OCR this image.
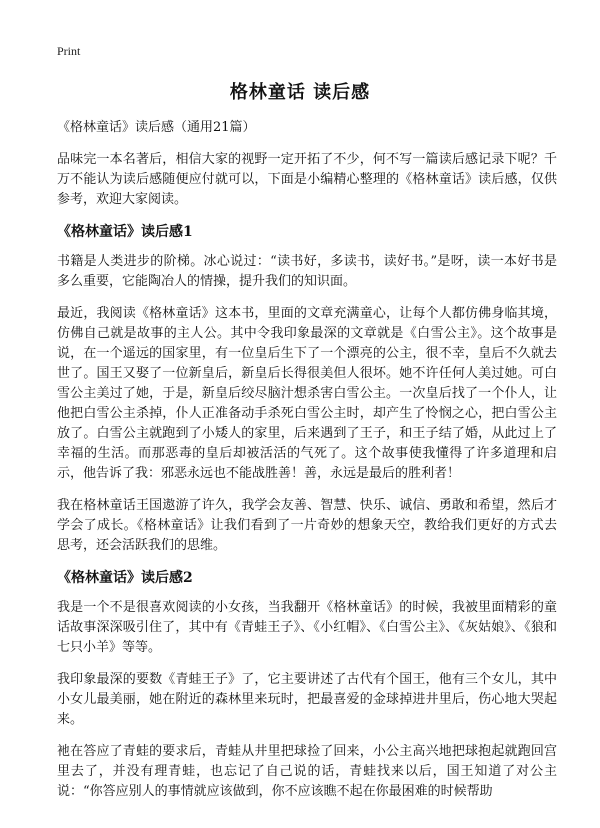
Print
格林童话 读后感
《格林童话》读后感（通用21篇）

品味完一本名著后，相信大家的视野一定开拓了不少，何不写一篇读后感记录下呢？千万不能认为读后感随便应付就可以，下面是小编精心整理的《格林童话》读后感，仅供参考，欢迎大家阅读。

《格林童话》读后感1

书籍是人类进步的阶梯。冰心说过：“读书好，多读书，读好书。”是呀，读一本好书是多么重要，它能陶冶人的情操，提升我们的知识面。

最近，我阅读《格林童话》这本书，里面的文章充满童心，让每个人都仿佛身临其境，仿佛自己就是故事的主人公。其中令我印象最深的文章就是《白雪公主》。这个故事是说，在一个遥远的国家里，有一位皇后生下了一个漂亮的公主，很不幸，皇后不久就去世了。国王又娶了一位新皇后，新皇后长得很美但人很坏。她不许任何人美过她。可白雪公主美过了她，于是，新皇后绞尽脑汁想杀害白雪公主。一次皇后找了一个仆人，让他把白雪公主杀掉，仆人正准备动手杀死白雪公主时，却产生了怜悯之心，把白雪公主放了。白雪公主就跑到了小矮人的家里，后来遇到了王子，和王子结了婚，从此过上了幸福的生活。而那恶毒的皇后却被活活的气死了。这个故事使我懂得了许多道理和启示，他告诉了我：邪恶永远也不能战胜善！善，永远是最后的胜利者！

我在格林童话王国遨游了许久，我学会友善、智慧、快乐、诚信、勇敢和希望，然后才学会了成长。《格林童话》让我们看到了一片奇妙的想象天空，教给我们更好的方式去思考，还会活跃我们的思维。

《格林童话》读后感2

我是一个不是很喜欢阅读的小女孩，当我翻开《格林童话》的时候，我被里面精彩的童话故事深深吸引住了，其中有《青蛙王子》、《小红帽》、《白雪公主》、《灰姑娘》、《狼和七只小羊》等等。

我印象最深的要数《青蛙王子》了，它主要讲述了古代有个国王，他有三个女儿，其中小女儿最美丽，她在附近的森林里来玩时，把最喜爱的金球掉进井里后，伤心地大哭起来。

衪在答应了青蛙的要求后，青蛙从井里把球捡了回来，小公主高兴地把球抱起就跑回宫里去了，并没有理青蛙，也忘记了自己说的话，青蛙找来以后，国王知道了对公主说：“你答应别人的事情就应该做到，你不应该瞧不起在你最困难的时候帮助
